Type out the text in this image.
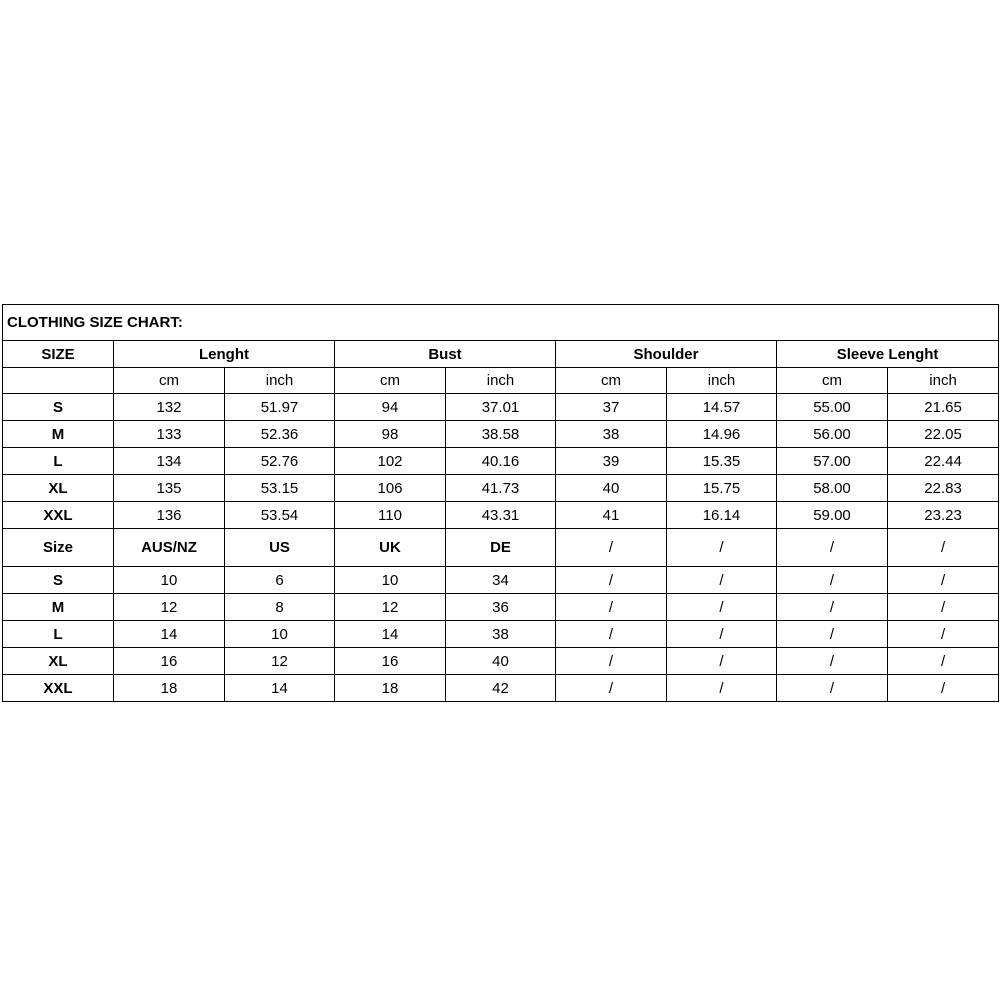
CLOTHING SIZE CHART:								
SIZE	Lenght		Bust		Shoulder		Sleeve Lenght	
	cm	inch	cm	inch	cm	inch	cm	inch
S	132	51.97	94	37.01	37	14.57	55.00	21.65
M	133	52.36	98	38.58	38	14.96	56.00	22.05
L	134	52.76	102	40.16	39	15.35	57.00	22.44
XL	135	53.15	106	41.73	40	15.75	58.00	22.83
XXL	136	53.54	110	43.31	41	16.14	59.00	23.23
Size	AUS/NZ	US	UK	DE	/	/	/	/
S	10	6	10	34	/	/	/	/
M	12	8	12	36	/	/	/	/
L	14	10	14	38	/	/	/	/
XL	16	12	16	40	/	/	/	/
XXL	18	14	18	42	/	/	/	/
